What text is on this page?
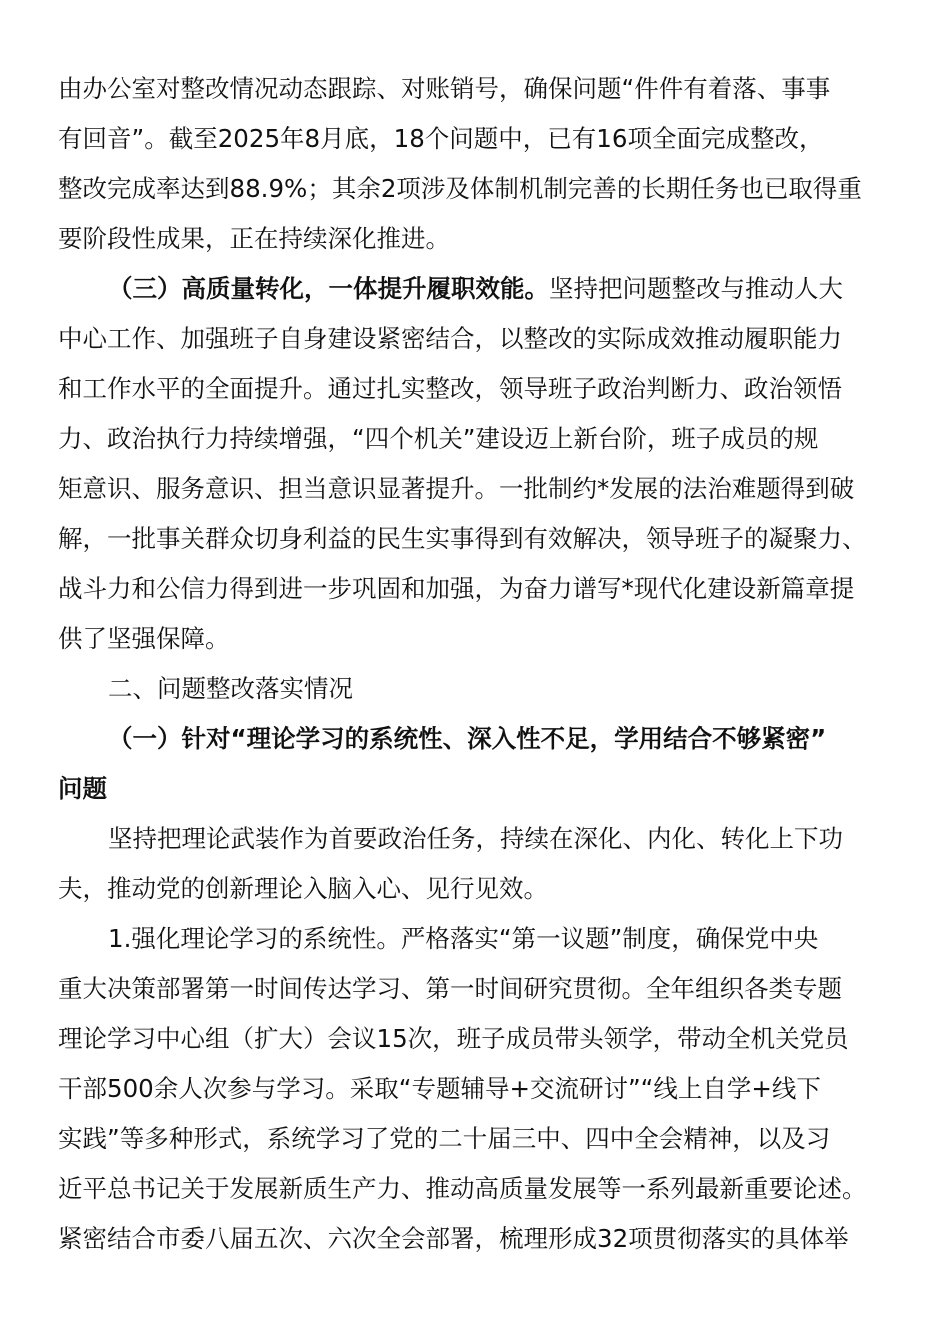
由办公室对整改情况动态跟踪、对账销号，确保问题“件件有着落、事事
有回音”。截至2025年8月底，18个问题中，已有16项全面完成整改，
整改完成率达到88.9%；其余2项涉及体制机制完善的长期任务也已取得重
要阶段性成果，正在持续深化推进。
（三）高质量转化，一体提升履职效能。坚持把问题整改与推动人大
中心工作、加强班子自身建设紧密结合，以整改的实际成效推动履职能力
和工作水平的全面提升。通过扎实整改，领导班子政治判断力、政治领悟
力、政治执行力持续增强，“四个机关”建设迈上新台阶，班子成员的规
矩意识、服务意识、担当意识显著提升。一批制约*发展的法治难题得到破
解，一批事关群众切身利益的民生实事得到有效解决，领导班子的凝聚力、
战斗力和公信力得到进一步巩固和加强，为奋力谱写*现代化建设新篇章提
供了坚强保障。
二、问题整改落实情况
（一）针对“理论学习的系统性、深入性不足，学用结合不够紧密”
问题
坚持把理论武装作为首要政治任务，持续在深化、内化、转化上下功
夫，推动党的创新理论入脑入心、见行见效。
1.强化理论学习的系统性。严格落实“第一议题”制度，确保党中央
重大决策部署第一时间传达学习、第一时间研究贯彻。全年组织各类专题
理论学习中心组（扩大）会议15次，班子成员带头领学，带动全机关党员
干部500余人次参与学习。采取“专题辅导+交流研讨”“线上自学+线下
实践”等多种形式，系统学习了党的二十届三中、四中全会精神，以及习
近平总书记关于发展新质生产力、推动高质量发展等一系列最新重要论述。
紧密结合市委八届五次、六次全会部署，梳理形成32项贯彻落实的具体举
